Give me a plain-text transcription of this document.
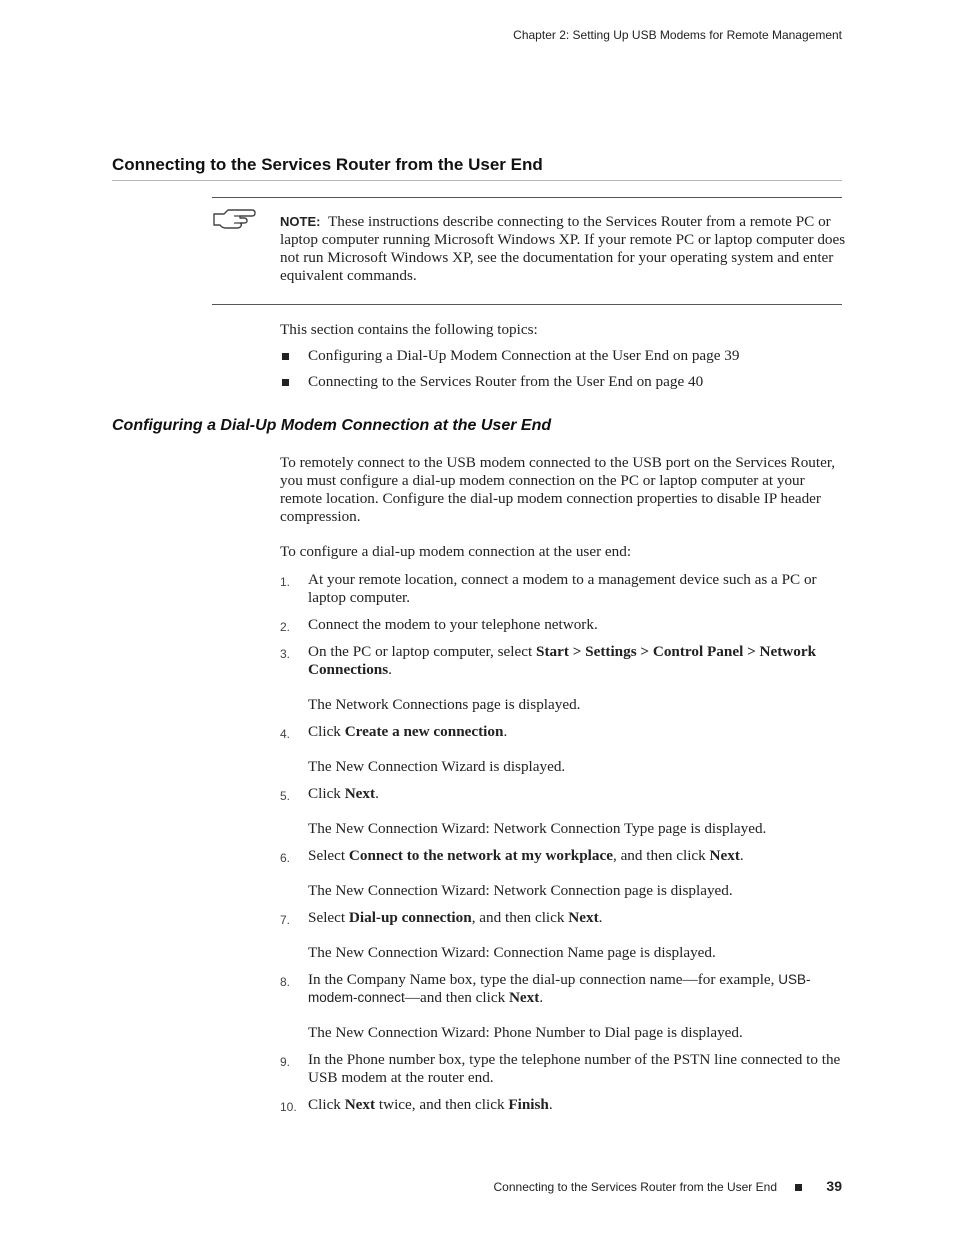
Chapter 2: Setting Up USB Modems for Remote Management
Connecting to the Services Router from the User End
NOTE: These instructions describe connecting to the Services Router from a remote PC or laptop computer running Microsoft Windows XP. If your remote PC or laptop computer does not run Microsoft Windows XP, see the documentation for your operating system and enter equivalent commands.
This section contains the following topics:
Configuring a Dial-Up Modem Connection at the User End on page 39
Connecting to the Services Router from the User End on page 40
Configuring a Dial-Up Modem Connection at the User End
To remotely connect to the USB modem connected to the USB port on the Services Router, you must configure a dial-up modem connection on the PC or laptop computer at your remote location. Configure the dial-up modem connection properties to disable IP header compression.
To configure a dial-up modem connection at the user end:
1. At your remote location, connect a modem to a management device such as a PC or laptop computer.
2. Connect the modem to your telephone network.
3. On the PC or laptop computer, select Start > Settings > Control Panel > Network Connections.
The Network Connections page is displayed.
4. Click Create a new connection.
The New Connection Wizard is displayed.
5. Click Next.
The New Connection Wizard: Network Connection Type page is displayed.
6. Select Connect to the network at my workplace, and then click Next.
The New Connection Wizard: Network Connection page is displayed.
7. Select Dial-up connection, and then click Next.
The New Connection Wizard: Connection Name page is displayed.
8. In the Company Name box, type the dial-up connection name—for example, USB-modem-connect—and then click Next.
The New Connection Wizard: Phone Number to Dial page is displayed.
9. In the Phone number box, type the telephone number of the PSTN line connected to the USB modem at the router end.
10. Click Next twice, and then click Finish.
Connecting to the Services Router from the User End	39
